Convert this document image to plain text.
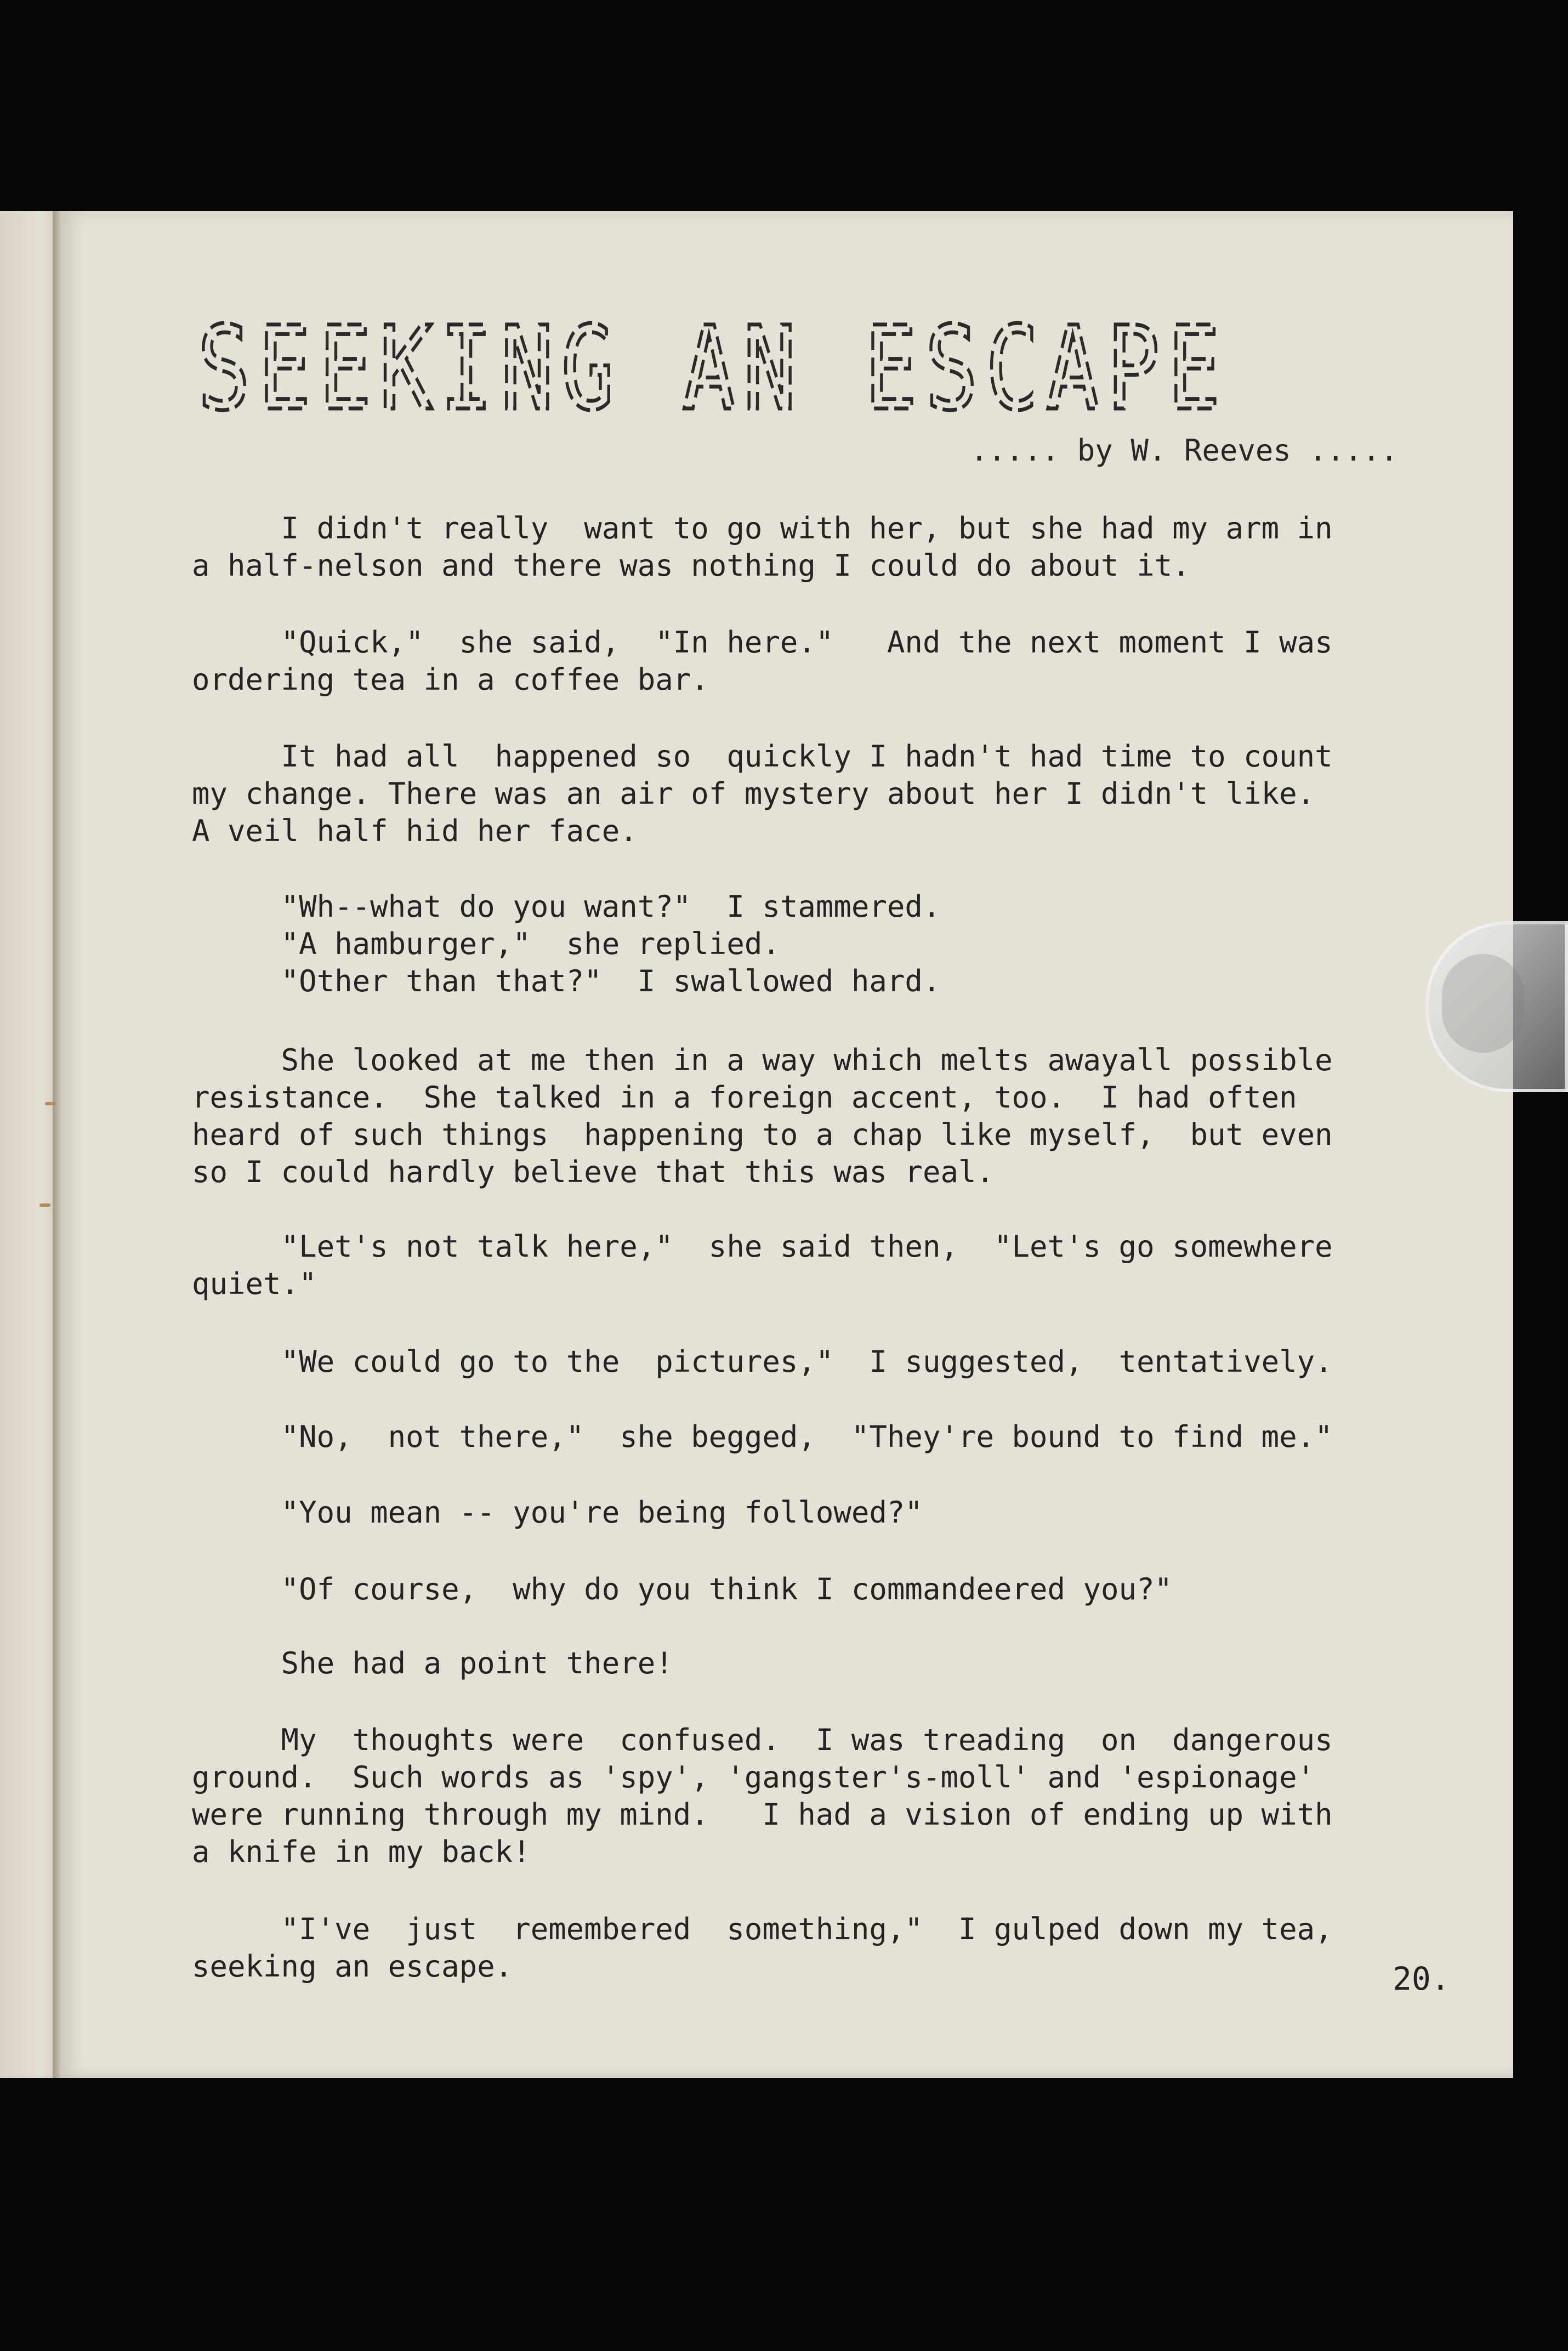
SEEKING AN ESCAPE
..... by W. Reeves .....
I didn't really  want to go with her, but she had my arm in
a half-nelson and there was nothing I could do about it.
"Quick,"  she said,  "In here."   And the next moment I was
ordering tea in a coffee bar.
It had all  happened so  quickly I hadn't had time to count
my change. There was an air of mystery about her I didn't like.
A veil half hid her face.
"Wh--what do you want?"  I stammered.
"A hamburger,"  she replied.
"Other than that?"  I swallowed hard.
She looked at me then in a way which melts awayall possible
resistance.  She talked in a foreign accent, too.  I had often
heard of such things  happening to a chap like myself,  but even
so I could hardly believe that this was real.
"Let's not talk here,"  she said then,  "Let's go somewhere
quiet."
"We could go to the  pictures,"  I suggested,  tentatively.
"No,  not there,"  she begged,  "They're bound to find me."
"You mean -- you're being followed?"
"Of course,  why do you think I commandeered you?"
She had a point there!
My  thoughts were  confused.  I was treading  on  dangerous
ground.  Such words as 'spy', 'gangster's-moll' and 'espionage'
were running through my mind.   I had a vision of ending up with
a knife in my back!
"I've  just  remembered  something,"  I gulped down my tea,
seeking an escape.	20.
